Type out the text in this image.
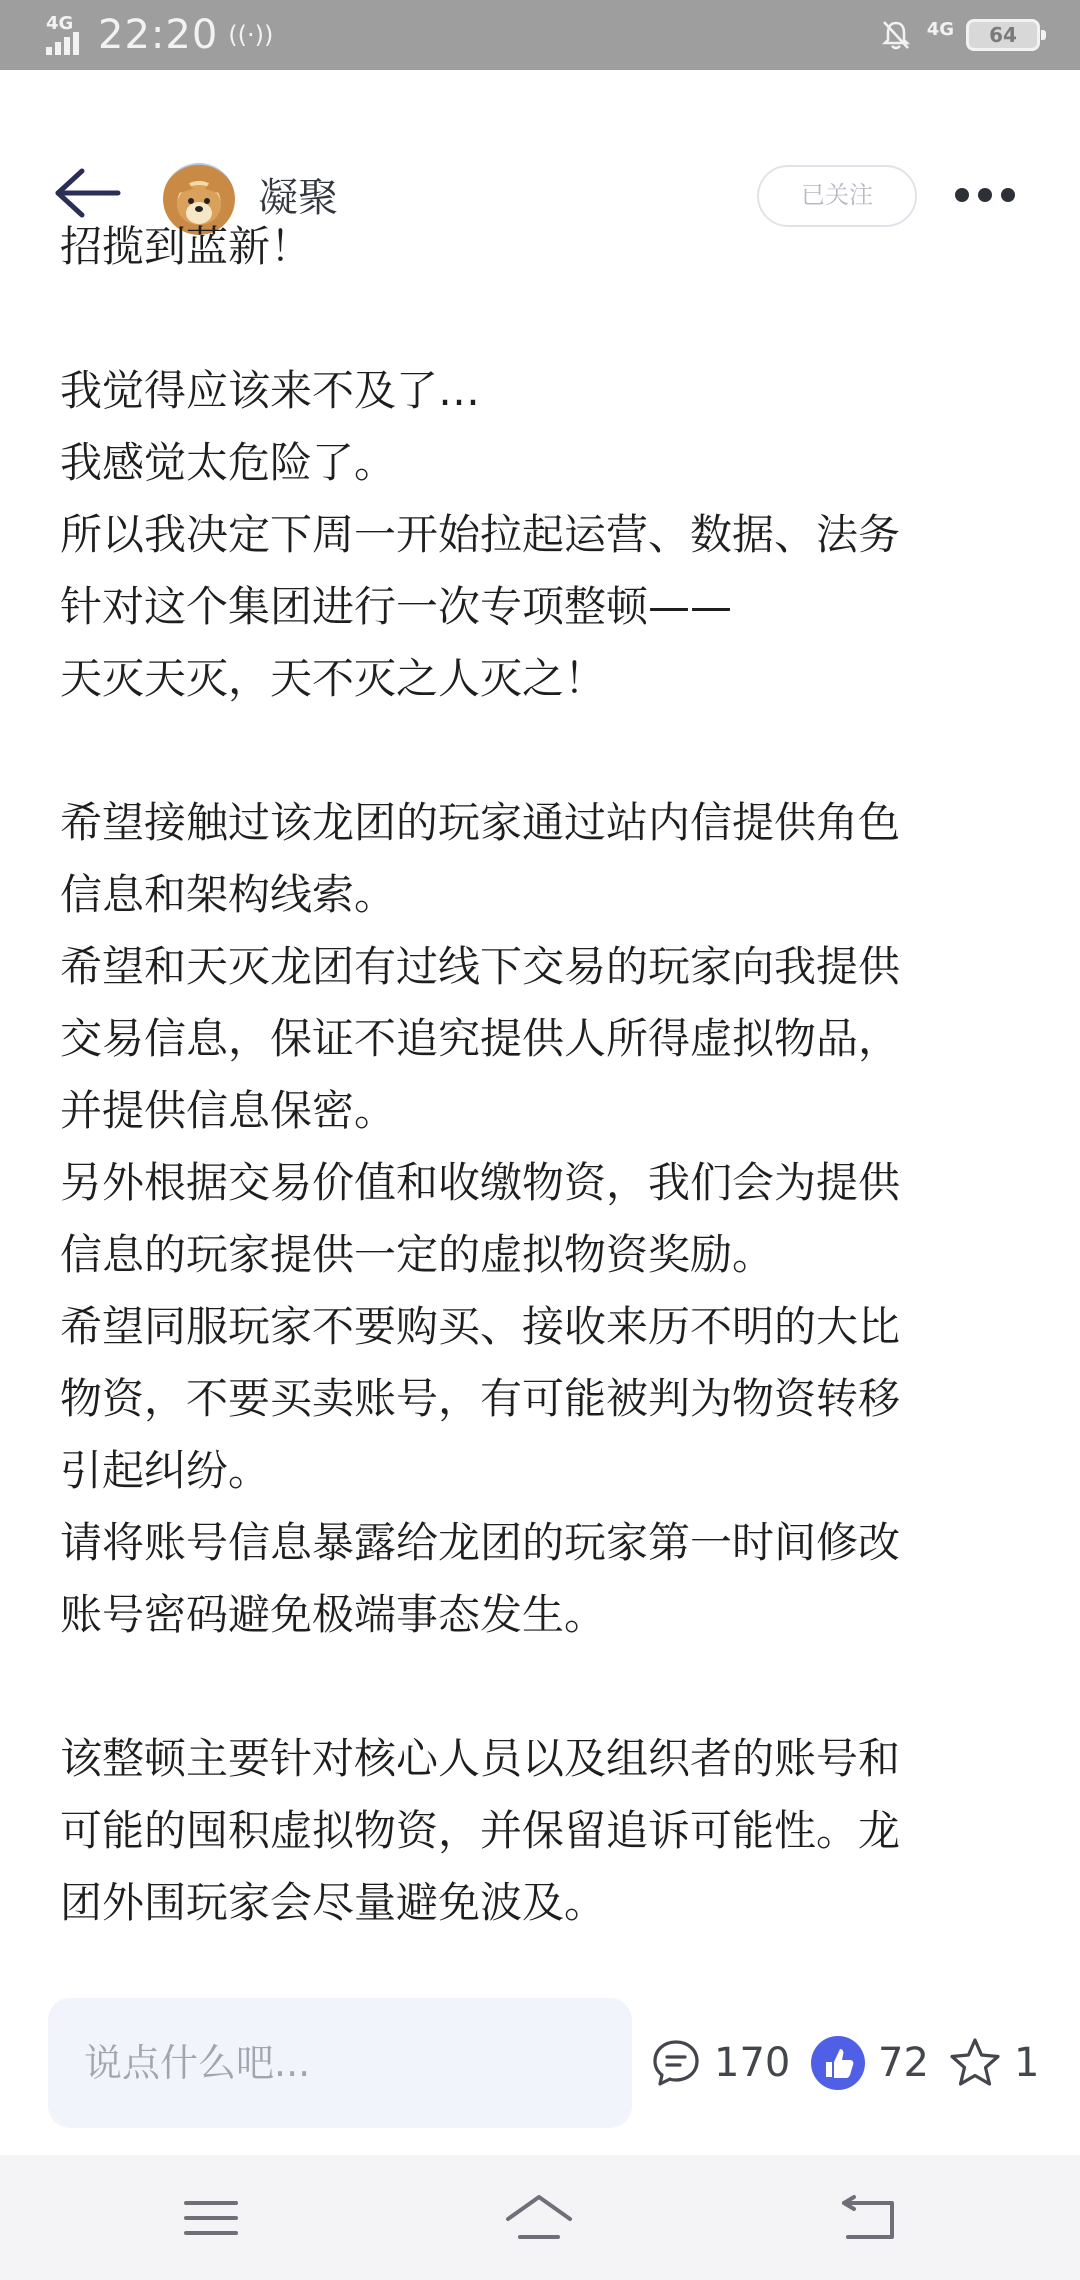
4G 22:20 ((·))	4G 64
凝聚	已关注
招揽到蓝新！

我觉得应该来不及了…

我感觉太危险了。

所以我决定下周一开始拉起运营、数据、法务

针对这个集团进行一次专项整顿——

天灭天灭，天不灭之人灭之！

希望接触过该龙团的玩家通过站内信提供角色

信息和架构线索。

希望和天灭龙团有过线下交易的玩家向我提供

交易信息，保证不追究提供人所得虚拟物品，

并提供信息保密。

另外根据交易价值和收缴物资，我们会为提供

信息的玩家提供一定的虚拟物资奖励。

希望同服玩家不要购买、接收来历不明的大比

物资，不要买卖账号，有可能被判为物资转移

引起纠纷。

请将账号信息暴露给龙团的玩家第一时间修改

账号密码避免极端事态发生。

该整顿主要针对核心人员以及组织者的账号和

可能的囤积虚拟物资，并保留追诉可能性。龙

团外围玩家会尽量避免波及。

说点什么吧...
170 72 1
